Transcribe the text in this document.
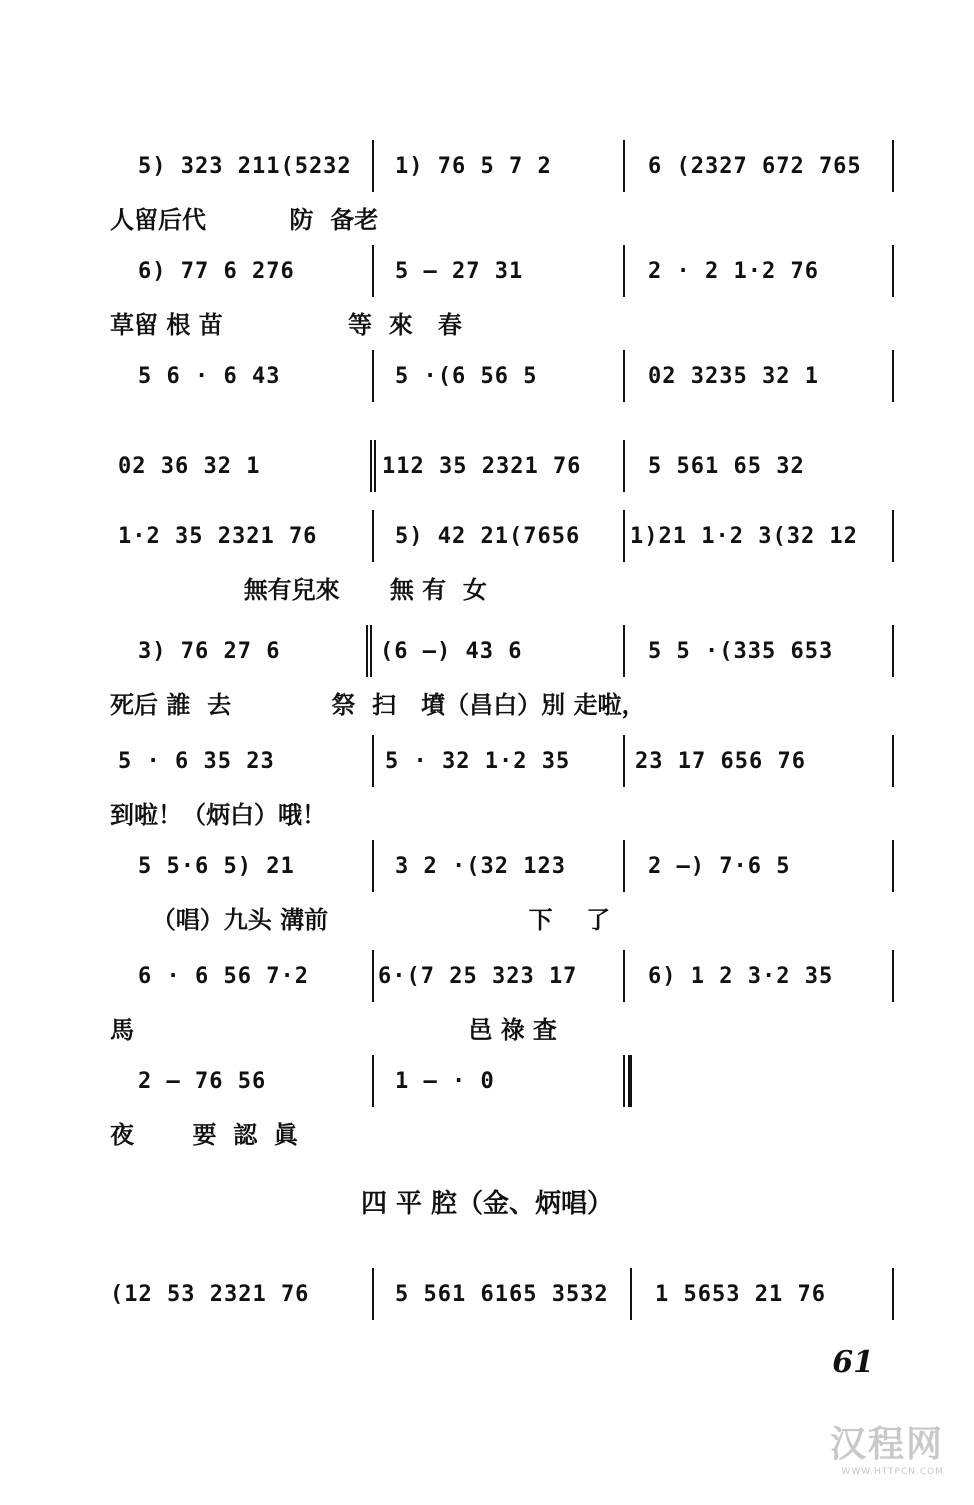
5) 323 211(5232 1) 76 5 7 2	6 (2327 672 765
人留后代          防  备老
6) 77 6 276	5 — 27 31	2 · 2 1·2 76
草留 根 苗               等  來   春
5 6 · 6 43	5 ·(6 56 5	02 3235 32 1
02 36 32 1	112 35 2321 76	5 561 65 32
1·2 35 2321 76	5) 42 21(7656 1)21 1·2 3(32 12
無有兒來      無 有  女
3) 76 27 6	(6 —) 43 6	5 5 ·(335 653
死后 誰  去            祭  扫   墳（昌白）別 走啦，
5 · 6 35 23	5 · 32 1·2 35	23 17 656 76
到啦！（炳白）哦！
5 5·6 5) 21	3 2 ·(32 123	2 —) 7·6 5
（唱）九头 溝前                        下    了
6 · 6 56 7·2	6·(7 25 323 17	6) 1 2 3·2 35
馬                                        邑 祿 査
2 — 76 56	1 — · 0
夜       要  認  眞
四 平 腔（金、炳唱）
(12 53 2321 76	5 561 6165 3532 1 5653 21 76
61
汉程网
WWW.HTTPCN.COM
